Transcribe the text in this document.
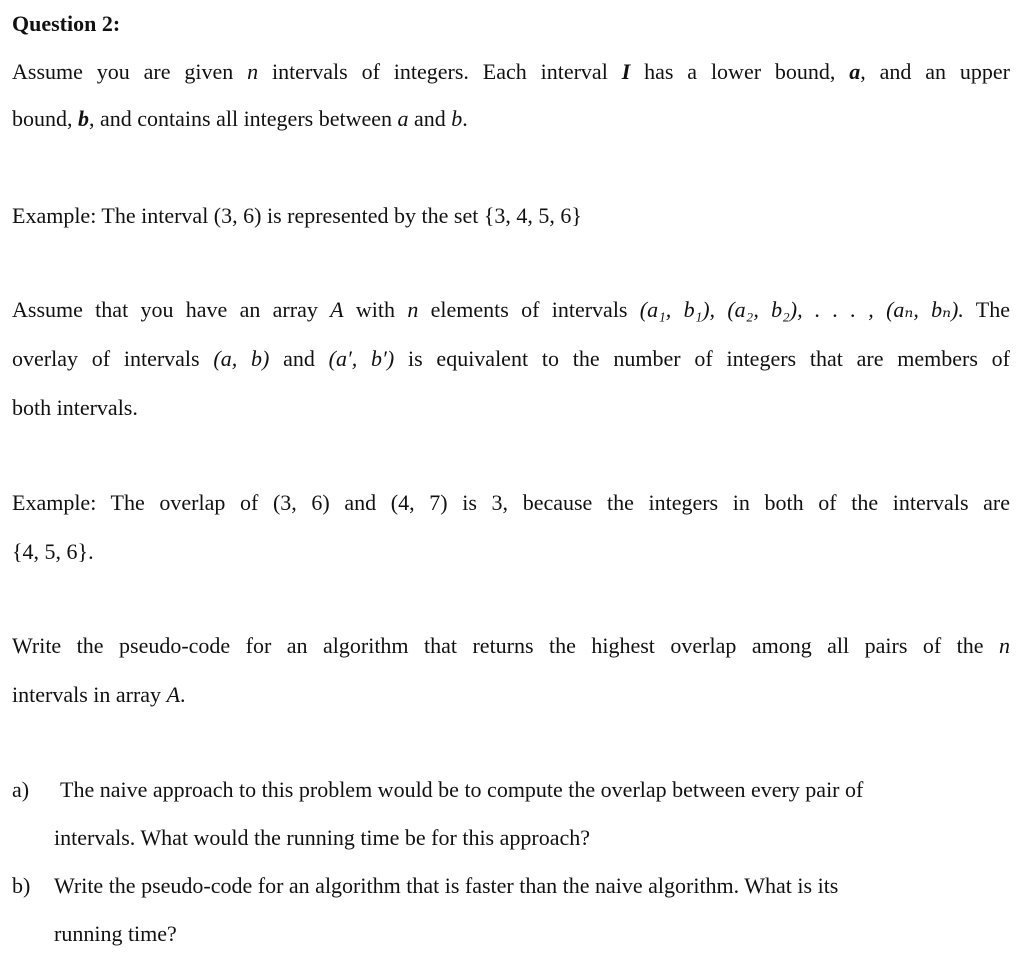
Question 2:
Assume you are given n intervals of integers. Each interval I has a lower bound, a, and an upper
bound, b, and contains all integers between a and b.
Example: The interval (3, 6) is represented by the set {3, 4, 5, 6}
Assume that you have an array A with n elements of intervals (a₁, b₁), (a₂, b₂), . . . , (aₙ, bₙ). The
overlay of intervals (a, b) and (a′, b′) is equivalent to the number of integers that are members of
both intervals.
Example: The overlap of (3, 6) and (4, 7) is 3, because the integers in both of the intervals are
{4, 5, 6}.
Write the pseudo-code for an algorithm that returns the highest overlap among all pairs of the n
intervals in array A.
a) The naive approach to this problem would be to compute the overlap between every pair of
intervals. What would the running time be for this approach?
b) Write the pseudo-code for an algorithm that is faster than the naive algorithm. What is its
running time?
